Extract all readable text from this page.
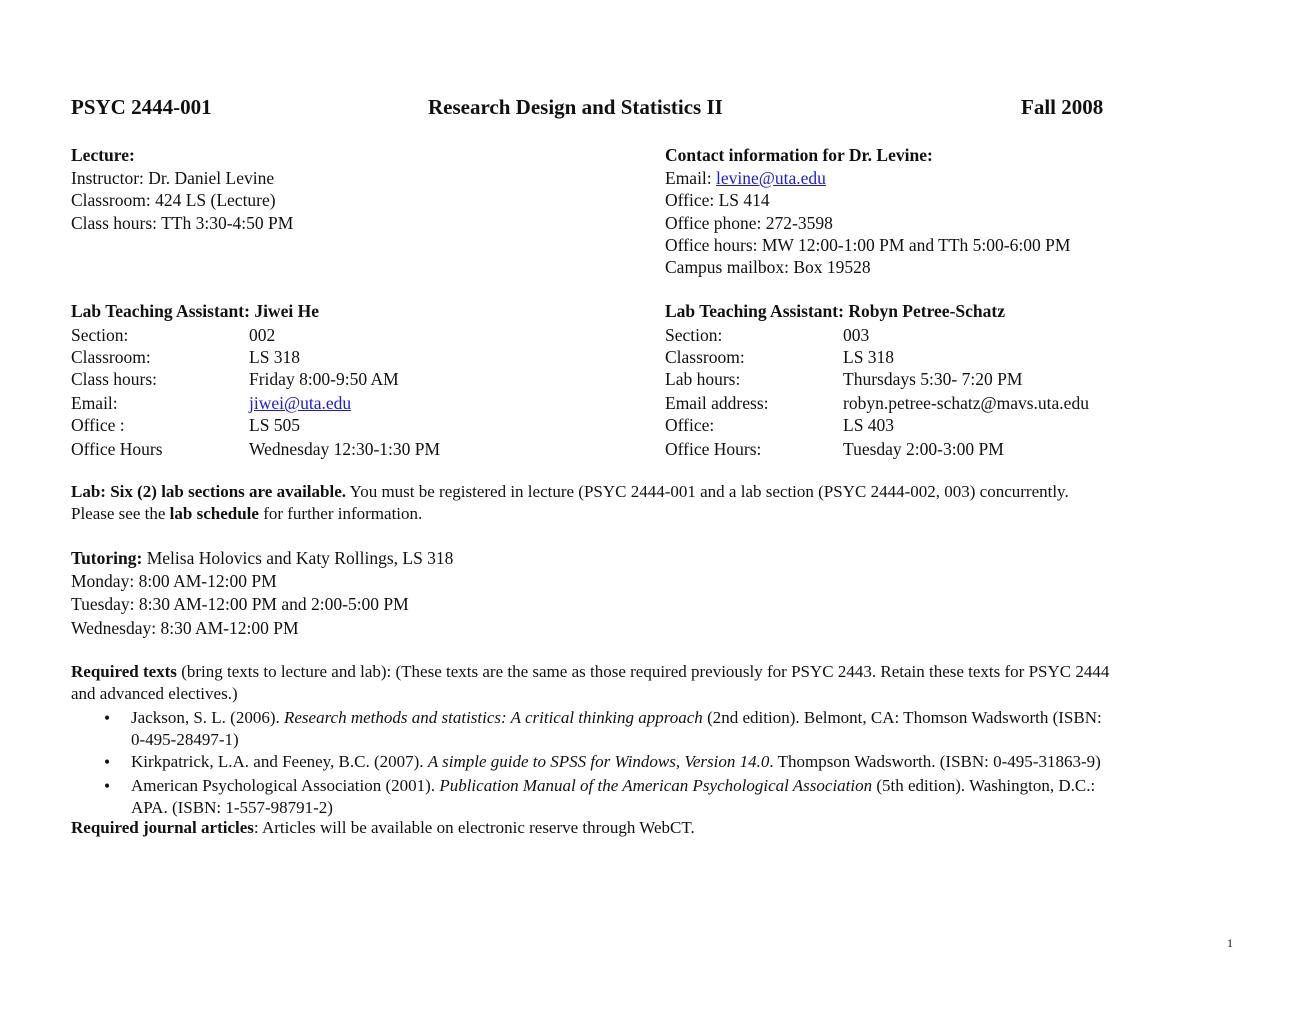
PSYC 2444-001	Research Design and Statistics II	Fall 2008
Lecture:
Instructor: Dr. Daniel Levine
Classroom: 424 LS (Lecture)
Class hours: TTh 3:30-4:50 PM
Contact information for Dr. Levine:
Email: levine@uta.edu
Office: LS 414
Office phone: 272-3598
Office hours: MW 12:00-1:00 PM and TTh 5:00-6:00 PM
Campus mailbox: Box 19528
Lab Teaching Assistant: Jiwei He
Section:	002
Classroom:	LS 318
Class hours:	Friday 8:00-9:50 AM
Email:	jiwei@uta.edu
Office :	LS 505
Office Hours	Wednesday 12:30-1:30 PM
Lab Teaching Assistant: Robyn Petree-Schatz
Section:	003
Classroom:	LS 318
Lab hours:	Thursdays 5:30- 7:20 PM
Email address:	robyn.petree-schatz@mavs.uta.edu
Office:	LS 403
Office Hours:	Tuesday 2:00-3:00 PM
Lab: Six (2) lab sections are available. You must be registered in lecture (PSYC 2444-001 and a lab section (PSYC 2444-002, 003) concurrently.
Please see the lab schedule for further information.
Tutoring: Melisa Holovics and Katy Rollings, LS 318
Monday: 8:00 AM-12:00 PM
Tuesday: 8:30 AM-12:00 PM and 2:00-5:00 PM
Wednesday: 8:30 AM-12:00 PM
Required texts (bring texts to lecture and lab): (These texts are the same as those required previously for PSYC 2443. Retain these texts for PSYC 2444
and advanced electives.)
• Jackson, S. L. (2006). Research methods and statistics: A critical thinking approach (2nd edition). Belmont, CA: Thomson Wadsworth (ISBN:
0-495-28497-1)
• Kirkpatrick, L.A. and Feeney, B.C. (2007). A simple guide to SPSS for Windows, Version 14.0. Thompson Wadsworth. (ISBN: 0-495-31863-9)
• American Psychological Association (2001). Publication Manual of the American Psychological Association (5th edition). Washington, D.C.:
APA. (ISBN: 1-557-98791-2)
Required journal articles: Articles will be available on electronic reserve through WebCT.
1
